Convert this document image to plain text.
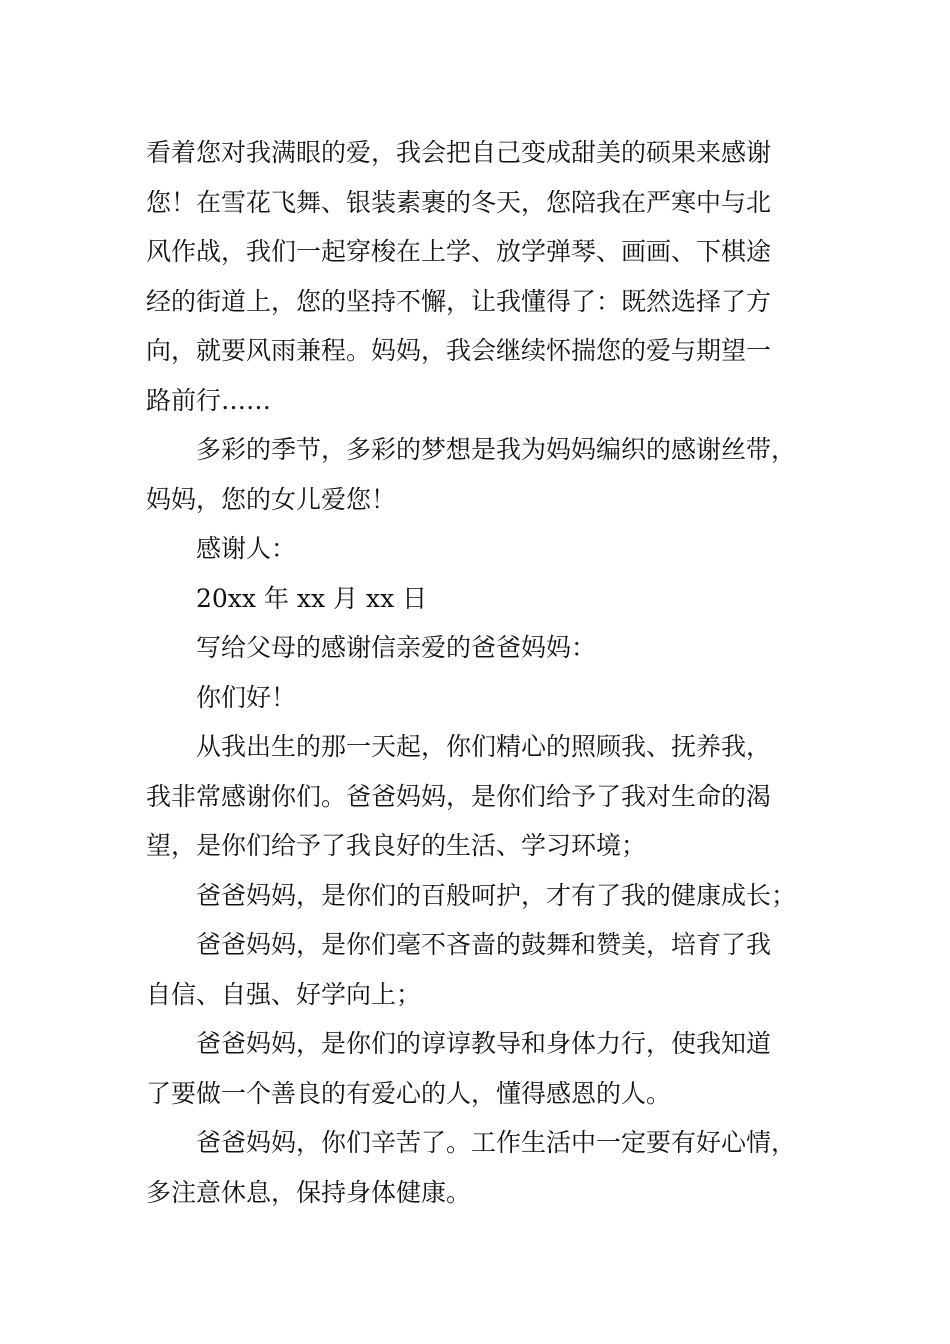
看着您对我满眼的爱，我会把自己变成甜美的硕果来感谢
您！在雪花飞舞、银装素裹的冬天，您陪我在严寒中与北
风作战，我们一起穿梭在上学、放学弹琴、画画、下棋途
经的街道上，您的坚持不懈，让我懂得了：既然选择了方
向，就要风雨兼程。妈妈，我会继续怀揣您的爱与期望一
路前行……
多彩的季节，多彩的梦想是我为妈妈编织的感谢丝带，
妈妈，您的女儿爱您！
感谢人：
20xx 年 xx 月 xx 日
写给父母的感谢信亲爱的爸爸妈妈：
你们好！
从我出生的那一天起，你们精心的照顾我、抚养我，
我非常感谢你们。爸爸妈妈，是你们给予了我对生命的渴
望，是你们给予了我良好的生活、学习环境；
爸爸妈妈，是你们的百般呵护，才有了我的健康成长；
爸爸妈妈，是你们毫不吝啬的鼓舞和赞美，培育了我
自信、自强、好学向上；
爸爸妈妈，是你们的谆谆教导和身体力行，使我知道
了要做一个善良的有爱心的人，懂得感恩的人。
爸爸妈妈，你们辛苦了。工作生活中一定要有好心情，
多注意休息，保持身体健康。
